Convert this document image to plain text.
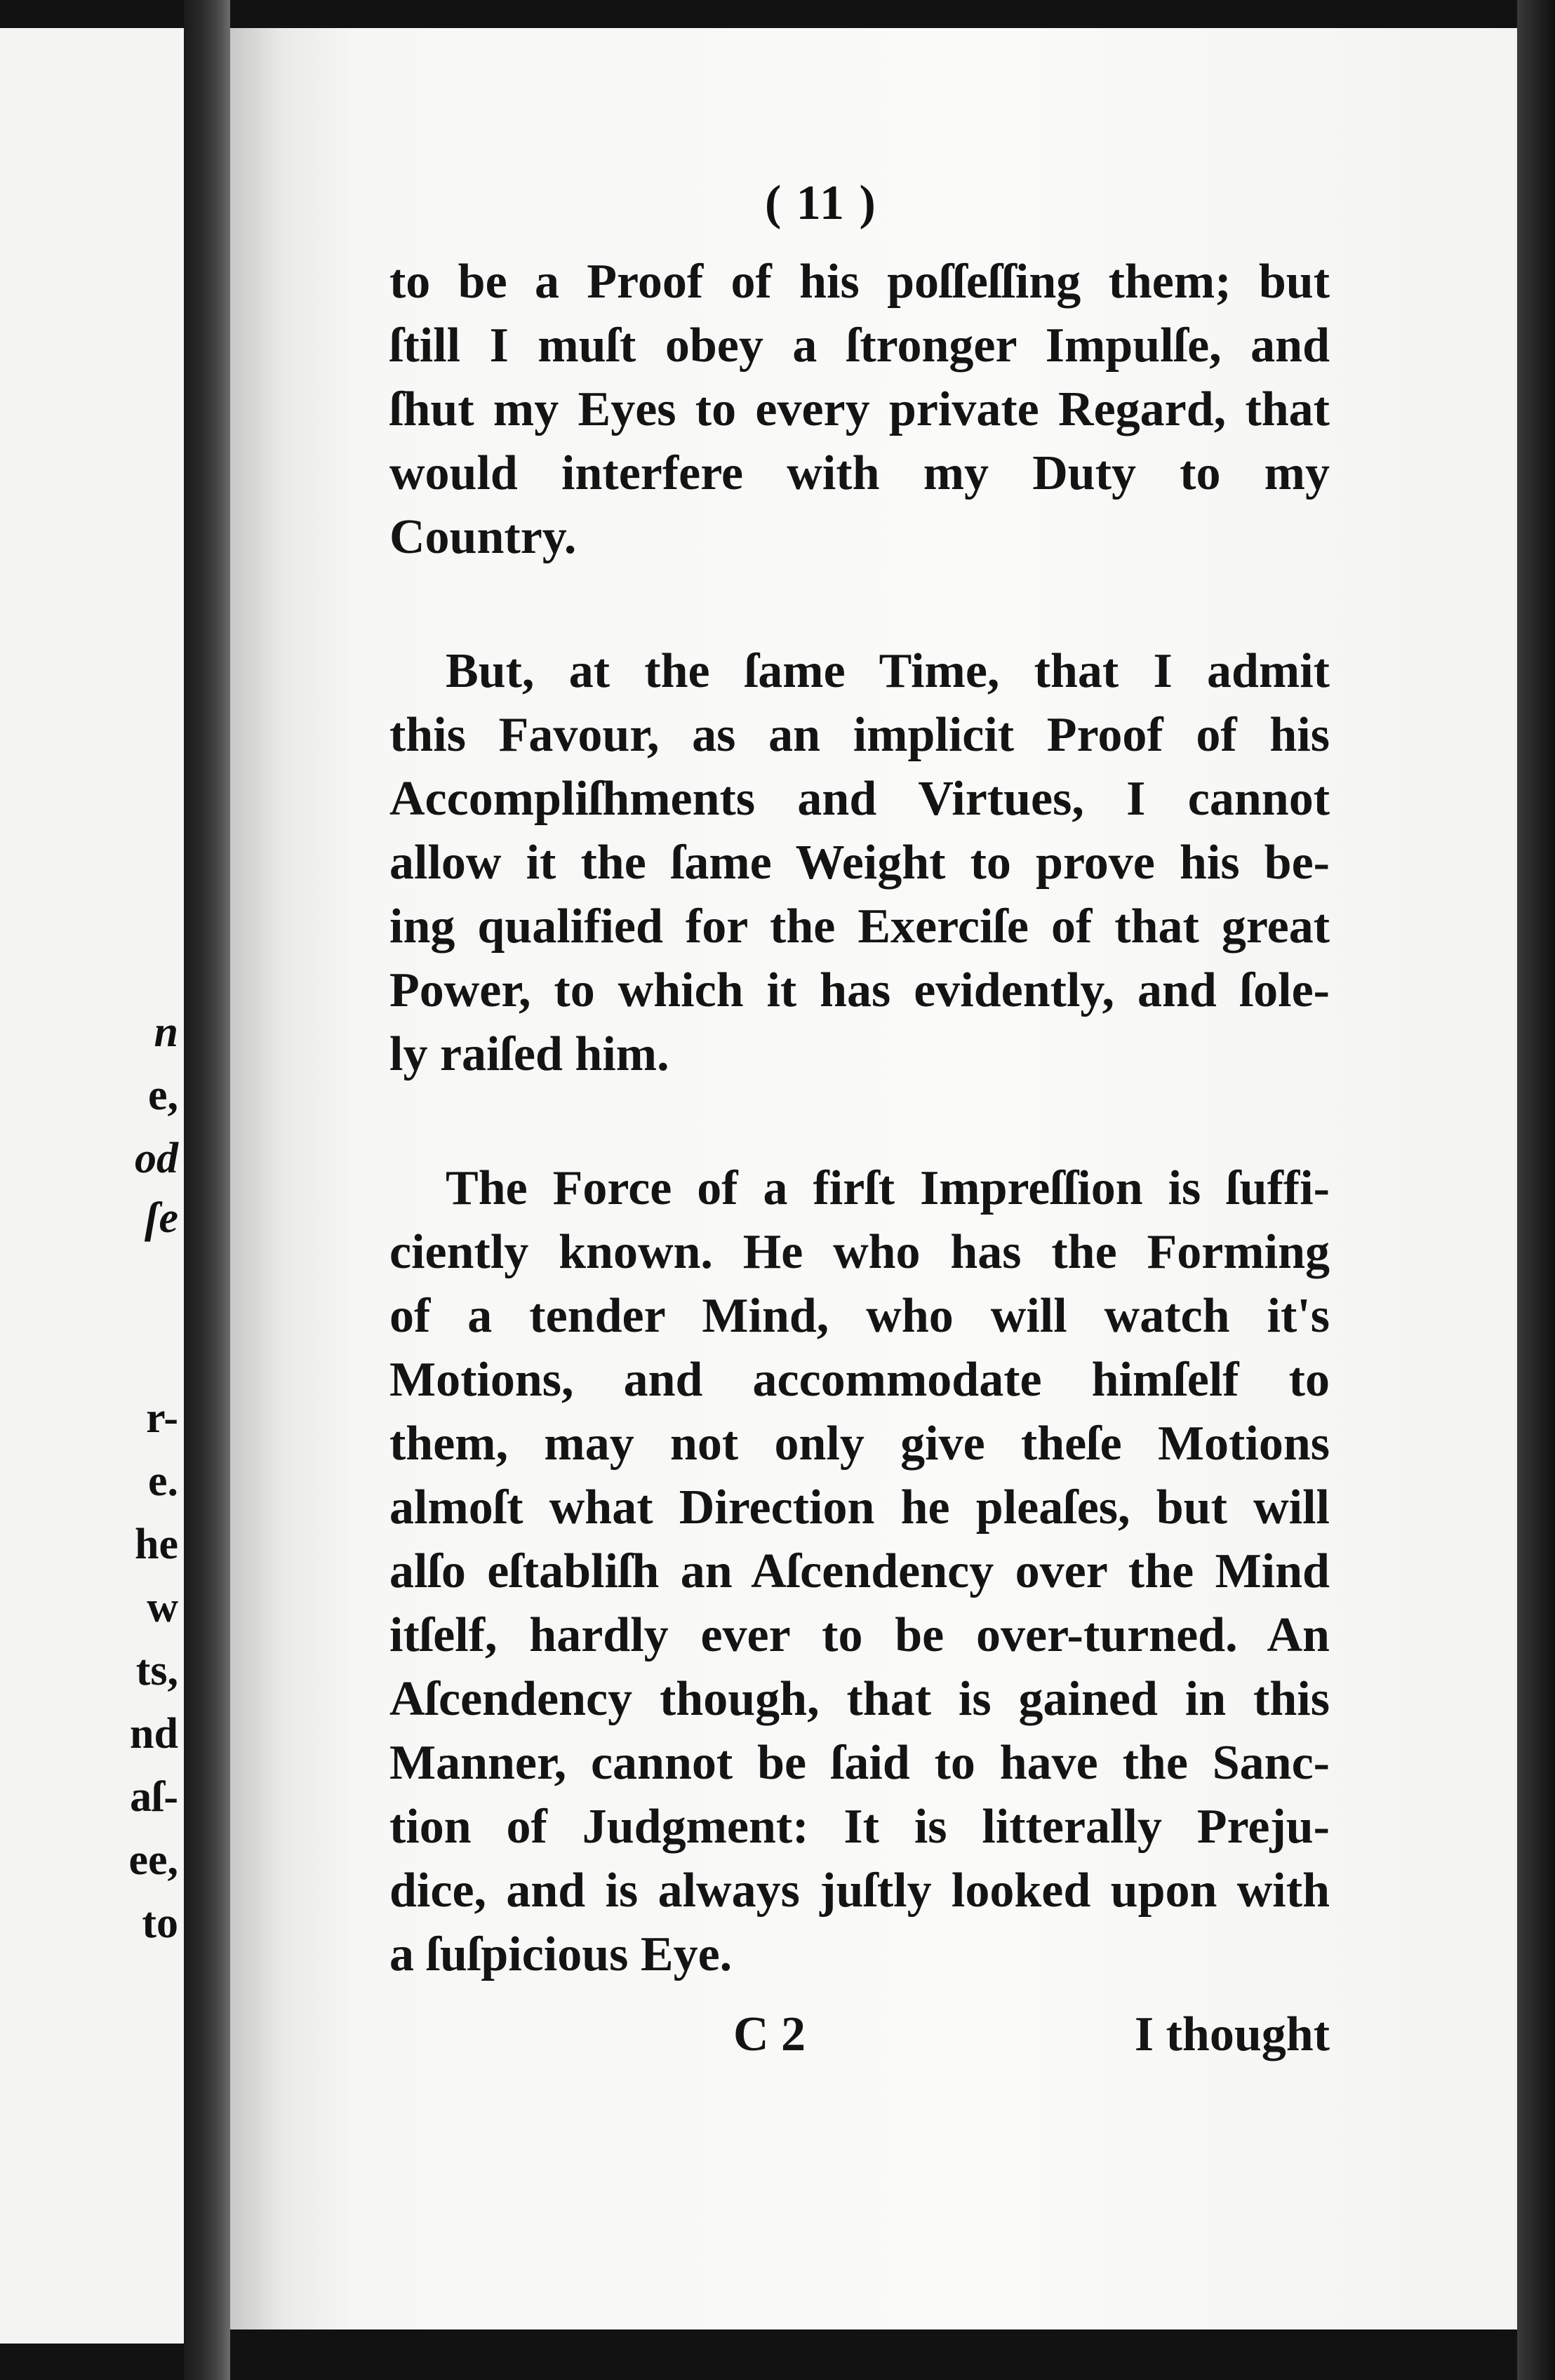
n
e,
od
ſe
r-
e.
he
w
ts,
nd
aſ-
ee,
to
( 11 )
to be a Proof of his poſſeſſing them; but
ſtill I muſt obey a ſtronger Impulſe, and
ſhut my Eyes to every private Regard, that
would interfere with my Duty to my
Country.
But, at the ſame Time, that I admit
this Favour, as an implicit Proof of his
Accompliſhments and Virtues, I cannot
allow it the ſame Weight to prove his be-
ing qualified for the Exerciſe of that great
Power, to which it has evidently, and ſole-
ly raiſed him.
The Force of a firſt Impreſſion is ſuffi-
ciently known. He who has the Forming
of a tender Mind, who will watch it's
Motions, and accommodate himſelf to
them, may not only give theſe Motions
almoſt what Direction he pleaſes, but will
alſo eſtabliſh an Aſcendency over the Mind
itſelf, hardly ever to be over-turned. An
Aſcendency though, that is gained in this
Manner, cannot be ſaid to have the Sanc-
tion of Judgment: It is litterally Preju-
dice, and is always juſtly looked upon with
a ſuſpicious Eye.
C 2	I thought
